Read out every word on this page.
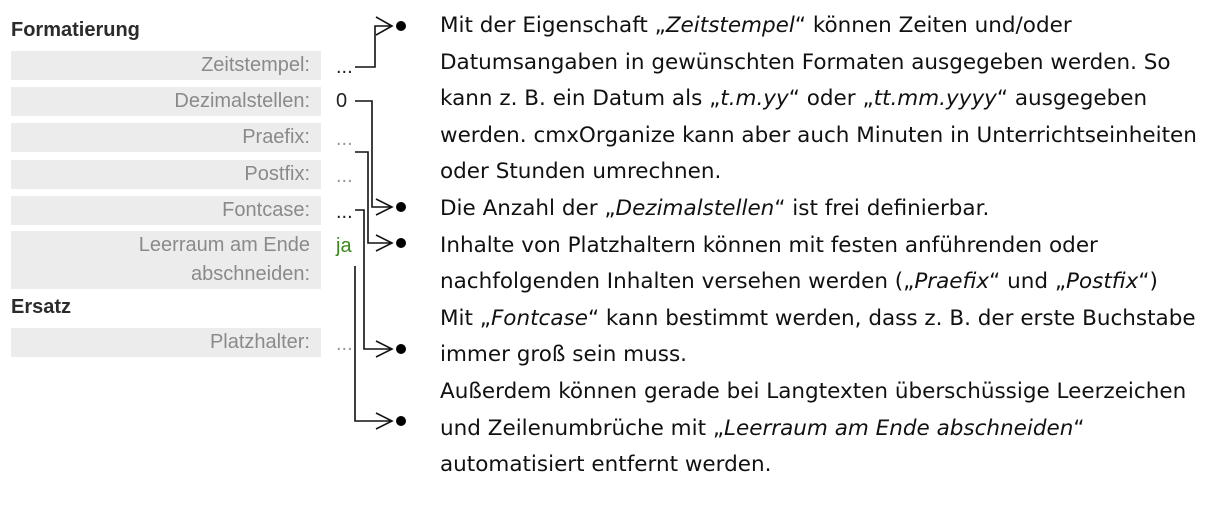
Formatierung
Zeitstempel:	...
Dezimalstellen:	0
Praefix:	...
Postfix:	...
Fontcase:	...
Leerraum am Ende
abschneiden:
ja
Ersatz
Platzhalter:	...

Mit der Eigenschaft „Zeitstempel“ können Zeiten und/oder Datumsangaben in gewünschten Formaten ausgegeben werden. So kann z. B. ein Datum als „t.m.yy“ oder „tt.mm.yyyy“ ausgegeben werden. cmxOrganize kann aber auch Minuten in Unterrichtseinheiten oder Stunden umrechnen.

Die Anzahl der „Dezimalstellen“ ist frei definierbar.

Inhalte von Platzhaltern können mit festen anführenden oder nachfolgenden Inhalten versehen werden („Praefix“ und „Postfix“)

Mit „Fontcase“ kann bestimmt werden, dass z. B. der erste Buchstabe immer groß sein muss.

Außerdem können gerade bei Langtexten überschüssige Leerzeichen und Zeilenumbrüche mit „Leerraum am Ende abschneiden“ automatisiert entfernt werden.
